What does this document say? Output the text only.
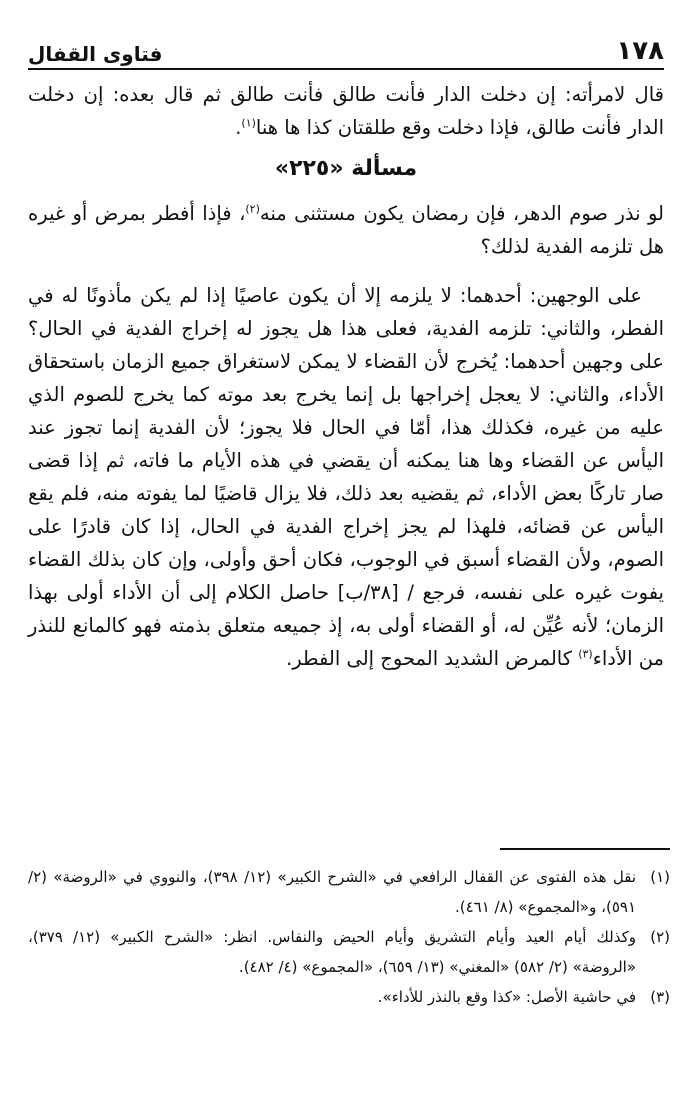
١٧٨
فتاوى القفال

قال لامرأته: إن دخلت الدار فأنت طالق فأنت طالق ثم قال بعده: إن دخلت الدار فأنت طالق، فإذا دخلت وقع طلقتان كذا ها هنا$^{(١)}$.

مسألة «٢٢٥»

لو نذر صوم الدهر، فإن رمضان يكون مستثنى منه$^{(٢)}$، فإذا أفطر بمرض أو غيره هل تلزمه الفدية لذلك؟

على الوجهين: أحدهما: لا يلزمه إلا أن يكون عاصيًا إذا لم يكن مأذونًا له في الفطر، والثاني: تلزمه الفدية، فعلى هذا هل يجوز له إخراج الفدية في الحال؟ على وجهين أحدهما: يُخرج لأن القضاء لا يمكن لاستغراق جميع الزمان باستحقاق الأداء، والثاني: لا يعجل إخراجها بل إنما يخرج بعد موته كما يخرج للصوم الذي عليه من غيره، فكذلك هذا، أمّا في الحال فلا يجوز؛ لأن الفدية إنما تجوز عند اليأس عن القضاء وها هنا يمكنه أن يقضي في هذه الأيام ما فاته، ثم إذا قضى صار تاركًا بعض الأداء، ثم يقضيه بعد ذلك، فلا يزال قاضيًا لما يفوته منه، فلم يقع اليأس عن قضائه، فلهذا لم يجز إخراج الفدية في الحال، إذا كان قادرًا على الصوم، ولأن القضاء أسبق في الوجوب، فكان أحق وأولى، وإن كان بذلك القضاء يفوت غيره على نفسه، فرجع / [٣٨/ب] حاصل الكلام إلى أن الأداء أولى بهذا الزمان؛ لأنه عُيِّن له، أو القضاء أولى به، إذ جميعه متعلق بذمته فهو كالمانع للنذر من الأداء$^{(٣)}$ كالمرض الشديد المحوج إلى الفطر.

(١)
نقل هذه الفتوى عن القفال الرافعي في «الشرح الكبير» (١٢/ ٣٩٨)، والنووي في «الروضة» (٢/ ٥٩١)، و«المجموع» (٨/ ٤٦١).

(٢)
وكذلك أيام العيد وأيام التشريق وأيام الحيض والنفاس. انظر: «الشرح الكبير» (١٢/ ٣٧٩)، «الروضة» (٢/ ٥٨٢) «المغني» (١٣/ ٦٥٩)، «المجموع» (٤/ ٤٨٢).

(٣)
في حاشية الأصل: «كذا وقع بالنذر للأداء».
